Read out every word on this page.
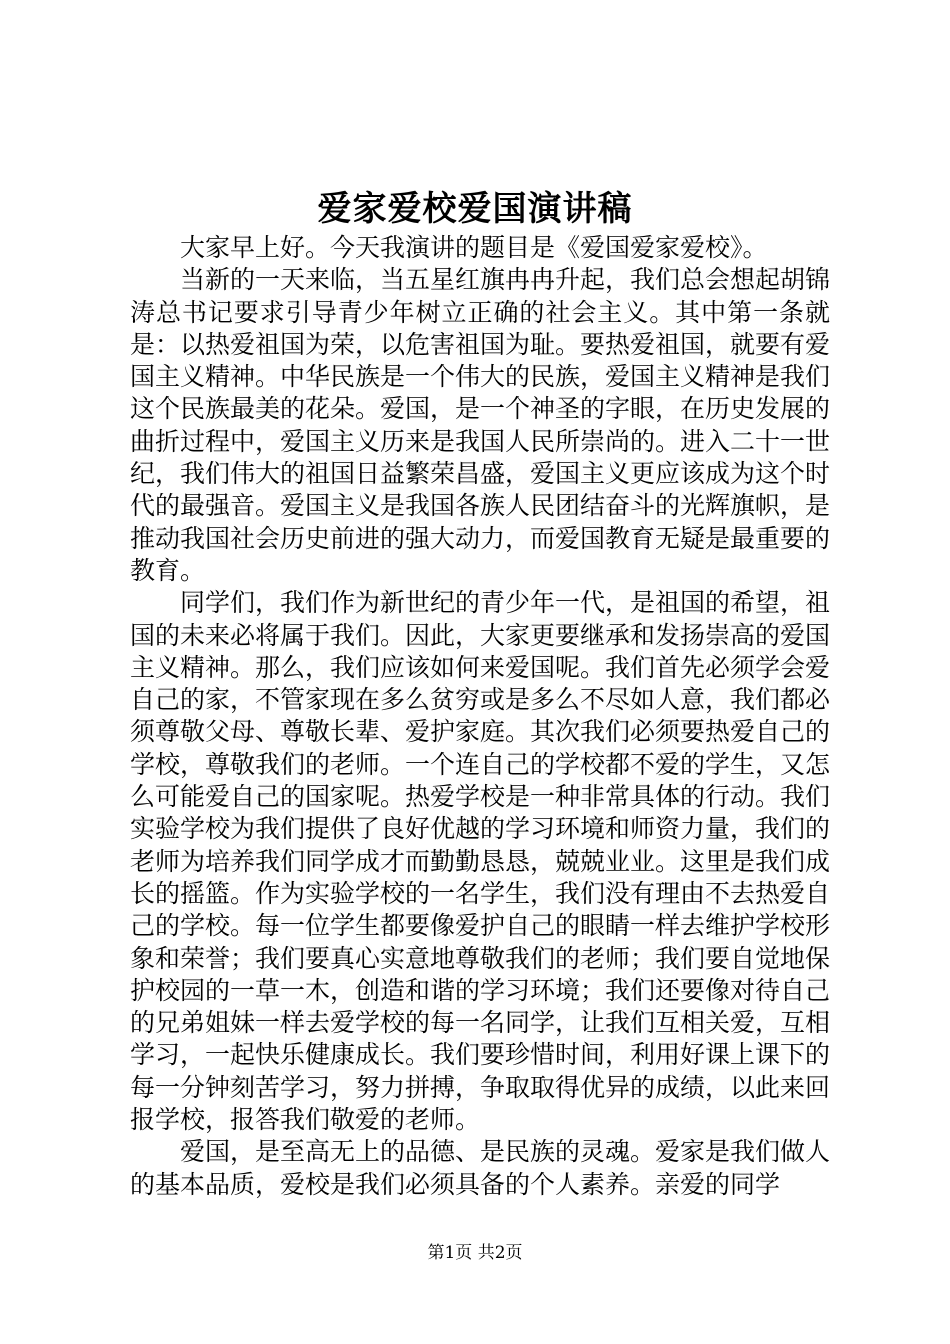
爱家爱校爱国演讲稿

大家早上好。今天我演讲的题目是《爱国爱家爱校》。

当新的一天来临，当五星红旗冉冉升起，我们总会想起胡锦涛总书记要求引导青少年树立正确的社会主义。其中第一条就是：以热爱祖国为荣，以危害祖国为耻。要热爱祖国，就要有爱国主义精神。中华民族是一个伟大的民族，爱国主义精神是我们这个民族最美的花朵。爱国，是一个神圣的字眼，在历史发展的曲折过程中，爱国主义历来是我国人民所崇尚的。进入二十一世纪，我们伟大的祖国日益繁荣昌盛，爱国主义更应该成为这个时代的最强音。爱国主义是我国各族人民团结奋斗的光辉旗帜，是推动我国社会历史前进的强大动力，而爱国教育无疑是最重要的教育。

同学们，我们作为新世纪的青少年一代，是祖国的希望，祖国的未来必将属于我们。因此，大家更要继承和发扬崇高的爱国主义精神。那么，我们应该如何来爱国呢。我们首先必须学会爱自己的家，不管家现在多么贫穷或是多么不尽如人意，我们都必须尊敬父母、尊敬长辈、爱护家庭。其次我们必须要热爱自己的学校，尊敬我们的老师。一个连自己的学校都不爱的学生，又怎么可能爱自己的国家呢。热爱学校是一种非常具体的行动。我们实验学校为我们提供了良好优越的学习环境和师资力量，我们的老师为培养我们同学成才而勤勤恳恳，兢兢业业。这里是我们成长的摇篮。作为实验学校的一名学生，我们没有理由不去热爱自己的学校。每一位学生都要像爱护自己的眼睛一样去维护学校形象和荣誉；我们要真心实意地尊敬我们的老师；我们要自觉地保护校园的一草一木，创造和谐的学习环境；我们还要像对待自己的兄弟姐妹一样去爱学校的每一名同学，让我们互相关爱，互相学习，一起快乐健康成长。我们要珍惜时间，利用好课上课下的每一分钟刻苦学习，努力拼搏，争取取得优异的成绩，以此来回报学校，报答我们敬爱的老师。

爱国，是至高无上的品德、是民族的灵魂。爱家是我们做人的基本品质，爱校是我们必须具备的个人素养。亲爱的同学

第1页 共2页
